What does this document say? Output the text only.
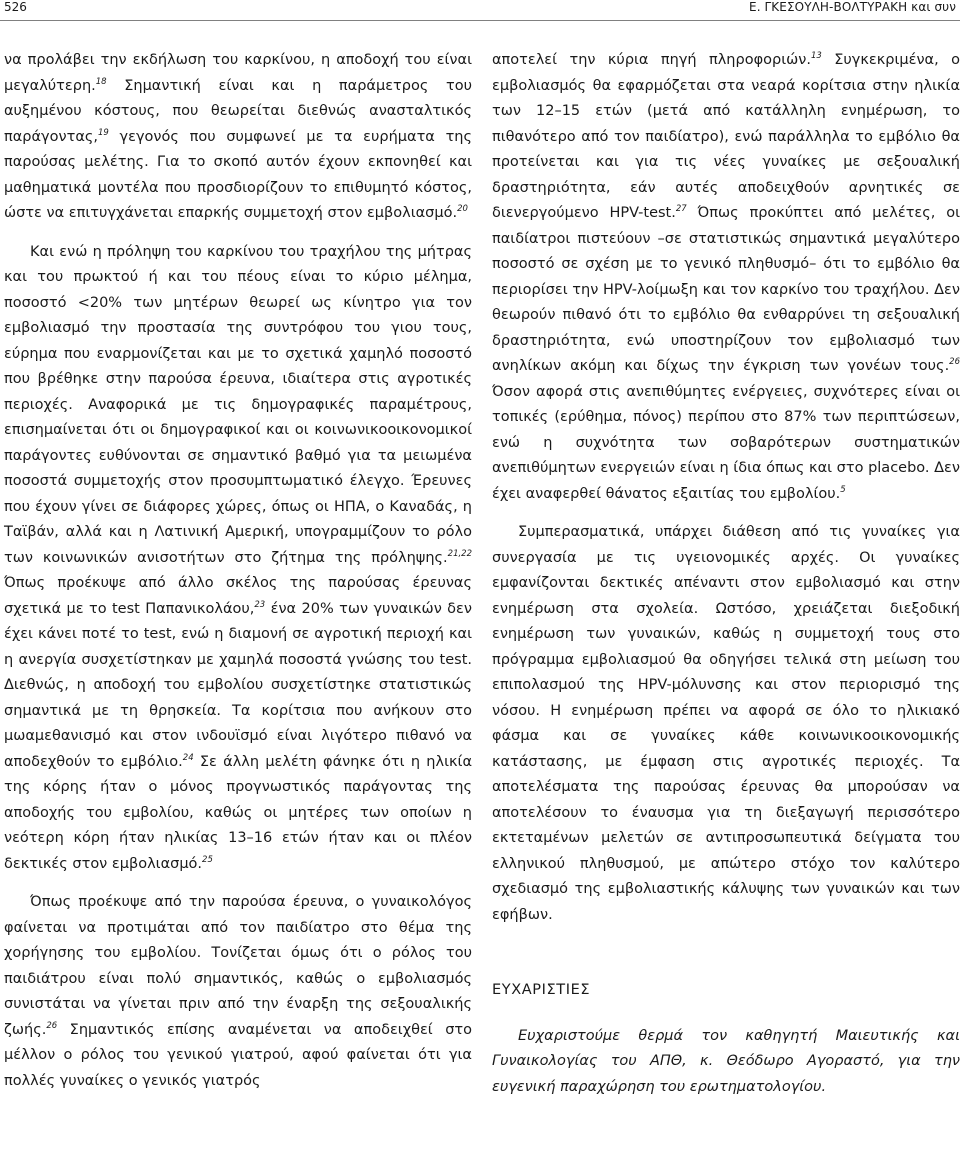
526	Ε. ΓΚΕΣΟΥΛΗ-ΒΟΛΤΥΡΑΚΗ και συν

να προλάβει την εκδήλωση του καρκίνου, η αποδοχή του είναι μεγαλύτερη.$^{18}$ Σημαντική είναι και η παράμετρος του αυξημένου κόστους, που θεωρείται διεθνώς ανασταλτικός παράγοντας,$^{19}$ γεγονός που συμφωνεί με τα ευρήματα της παρούσας μελέτης. Για το σκοπό αυτόν έχουν εκπονηθεί και μαθηματικά μοντέλα που προσδιορίζουν το επιθυμητό κόστος, ώστε να επιτυγχάνεται επαρκής συμμετοχή στον εμβολιασμό.$^{20}$

Και ενώ η πρόληψη του καρκίνου του τραχήλου της μήτρας και του πρωκτού ή και του πέους είναι το κύριο μέλημα, ποσοστό <20% των μητέρων θεωρεί ως κίνητρο για τον εμβολιασμό την προστασία της συντρόφου του γιου τους, εύρημα που εναρμονίζεται και με το σχετικά χαμηλό ποσοστό που βρέθηκε στην παρούσα έρευνα, ιδιαίτερα στις αγροτικές περιοχές. Αναφορικά με τις δημογραφικές παραμέτρους, επισημαίνεται ότι οι δημογραφικοί και οι κοινωνικοοικονομικοί παράγοντες ευθύνονται σε σημαντικό βαθμό για τα μειωμένα ποσοστά συμμετοχής στον προσυμπτωματικό έλεγχο. Έρευνες που έχουν γίνει σε διάφορες χώρες, όπως οι ΗΠΑ, ο Καναδάς, η Ταϊβάν, αλλά και η Λατινική Αμερική, υπογραμμίζουν το ρόλο των κοινωνικών ανισοτήτων στο ζήτημα της πρόληψης.$^{21,22}$ Όπως προέκυψε από άλλο σκέλος της παρούσας έρευνας σχετικά με το test Παπανικολάου,$^{23}$ ένα 20% των γυναικών δεν έχει κάνει ποτέ το test, ενώ η διαμονή σε αγροτική περιοχή και η ανεργία συσχετίστηκαν με χαμηλά ποσοστά γνώσης του test. Διεθνώς, η αποδοχή του εμβολίου συσχετίστηκε στατιστικώς σημαντικά με τη θρησκεία. Τα κορίτσια που ανήκουν στο μωαμεθανισμό και στον ινδουϊσμό είναι λιγότερο πιθανό να αποδεχθούν το εμβόλιο.$^{24}$ Σε άλλη μελέτη φάνηκε ότι η ηλικία της κόρης ήταν ο μόνος προγνωστικός παράγοντας της αποδοχής του εμβολίου, καθώς οι μητέρες των οποίων η νεότερη κόρη ήταν ηλικίας 13–16 ετών ήταν και οι πλέον δεκτικές στον εμβολιασμό.$^{25}$

Όπως προέκυψε από την παρούσα έρευνα, ο γυναικολόγος φαίνεται να προτιμάται από τον παιδίατρο στο θέμα της χορήγησης του εμβολίου. Τονίζεται όμως ότι ο ρόλος του παιδιάτρου είναι πολύ σημαντικός, καθώς ο εμβολιασμός συνιστάται να γίνεται πριν από την έναρξη της σεξουαλικής ζωής.$^{26}$ Σημαντικός επίσης αναμένεται να αποδειχθεί στο μέλλον ο ρόλος του γενικού γιατρού, αφού φαίνεται ότι για πολλές γυναίκες ο γενικός γιατρός

αποτελεί την κύρια πηγή πληροφοριών.$^{13}$ Συγκεκριμένα, ο εμβολιασμός θα εφαρμόζεται στα νεαρά κορίτσια στην ηλικία των 12–15 ετών (μετά από κατάλληλη ενημέρωση, το πιθανότερο από τον παιδίατρο), ενώ παράλληλα το εμβόλιο θα προτείνεται και για τις νέες γυναίκες με σεξουαλική δραστηριότητα, εάν αυτές αποδειχθούν αρνητικές σε διενεργούμενο HPV-test.$^{27}$ Όπως προκύπτει από μελέτες, οι παιδίατροι πιστεύουν –σε στατιστικώς σημαντικά μεγαλύτερο ποσοστό σε σχέση με το γενικό πληθυσμό– ότι το εμβόλιο θα περιορίσει την HPV-λοίμωξη και τον καρκίνο του τραχήλου. Δεν θεωρούν πιθανό ότι το εμβόλιο θα ενθαρρύνει τη σεξουαλική δραστηριότητα, ενώ υποστηρίζουν τον εμβολιασμό των ανηλίκων ακόμη και δίχως την έγκριση των γονέων τους.$^{26}$ Όσον αφορά στις ανεπιθύμητες ενέργειες, συχνότερες είναι οι τοπικές (ερύθημα, πόνος) περίπου στο 87% των περιπτώσεων, ενώ η συχνότητα των σοβαρότερων συστηματικών ανεπιθύμητων ενεργειών είναι η ίδια όπως και στο placebo. Δεν έχει αναφερθεί θάνατος εξαιτίας του εμβολίου.$^5$

Συμπερασματικά, υπάρχει διάθεση από τις γυναίκες για συνεργασία με τις υγειονομικές αρχές. Οι γυναίκες εμφανίζονται δεκτικές απέναντι στον εμβολιασμό και στην ενημέρωση στα σχολεία. Ωστόσο, χρειάζεται διεξοδική ενημέρωση των γυναικών, καθώς η συμμετοχή τους στο πρόγραμμα εμβολιασμού θα οδηγήσει τελικά στη μείωση του επιπολασμού της HPV-μόλυνσης και στον περιορισμό της νόσου. Η ενημέρωση πρέπει να αφορά σε όλο το ηλικιακό φάσμα και σε γυναίκες κάθε κοινωνικοοικονομικής κατάστασης, με έμφαση στις αγροτικές περιοχές. Τα αποτελέσματα της παρούσας έρευνας θα μπορούσαν να αποτελέσουν το έναυσμα για τη διεξαγωγή περισσότερο εκτεταμένων μελετών σε αντιπροσωπευτικά δείγματα του ελληνικού πληθυσμού, με απώτερο στόχο τον καλύτερο σχεδιασμό της εμβολιαστικής κάλυψης των γυναικών και των εφήβων.

ΕΥΧΑΡΙΣΤΙΕΣ

Ευχαριστούμε θερμά τον καθηγητή Μαιευτικής και Γυναικολογίας του ΑΠΘ, κ. Θεόδωρο Αγοραστό, για την ευγενική παραχώρηση του ερωτηματολογίου.
